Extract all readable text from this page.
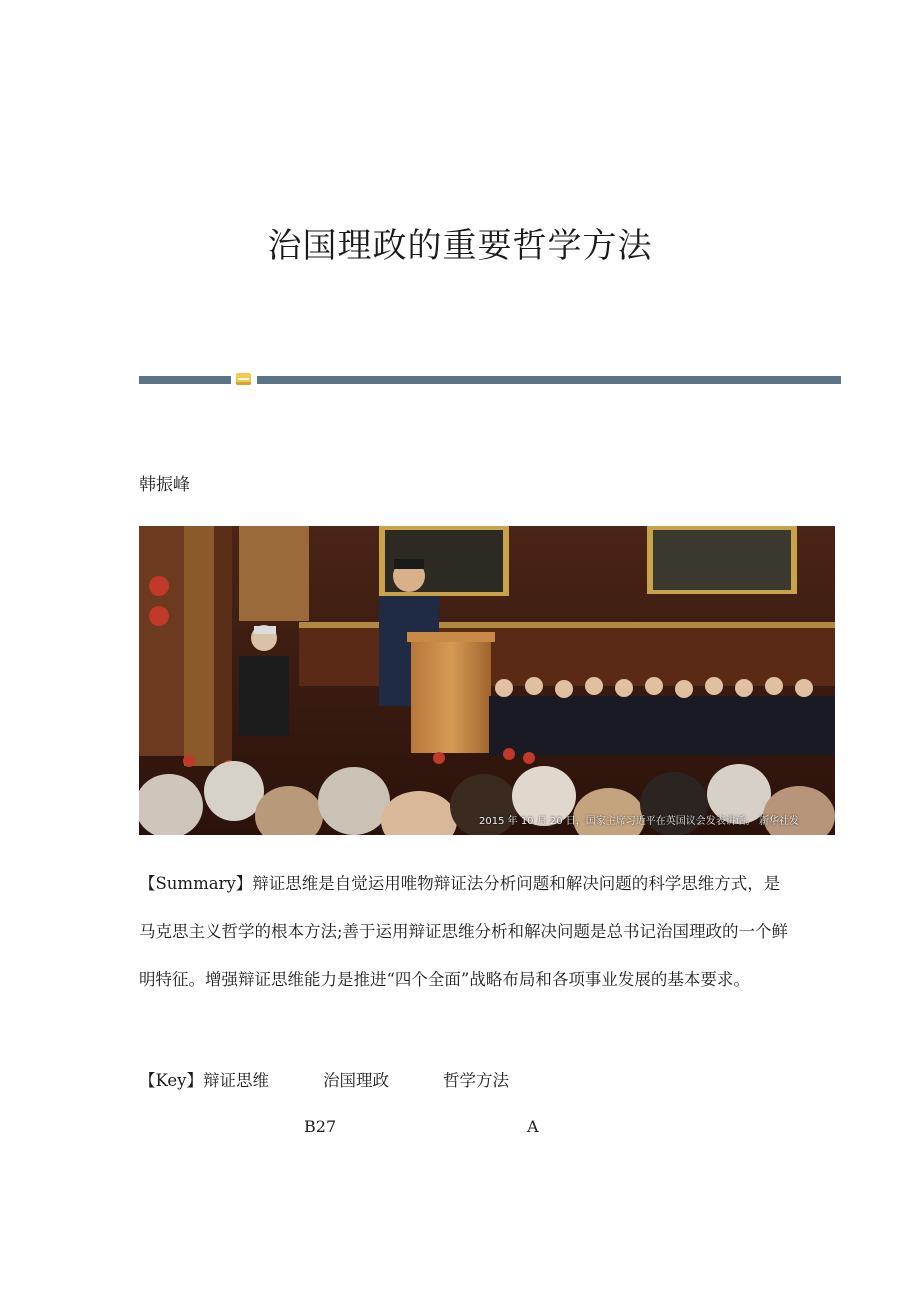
治国理政的重要哲学方法
韩振峰
2015 年 10 月 20 日，国家主席习近平在英国议会发表讲话。 新华社发

【Summary】辩证思维是自觉运用唯物辩证法分析问题和解决问题的科学思维方式，是马克思主义哲学的根本方法;善于运用辩证思维分析和解决问题是总书记治国理政的一个鲜明特征。增强辩证思维能力是推进“四个全面”战略布局和各项事业发展的基本要求。

【Key】辩证思维	治国理政	哲学方法
B27	A
